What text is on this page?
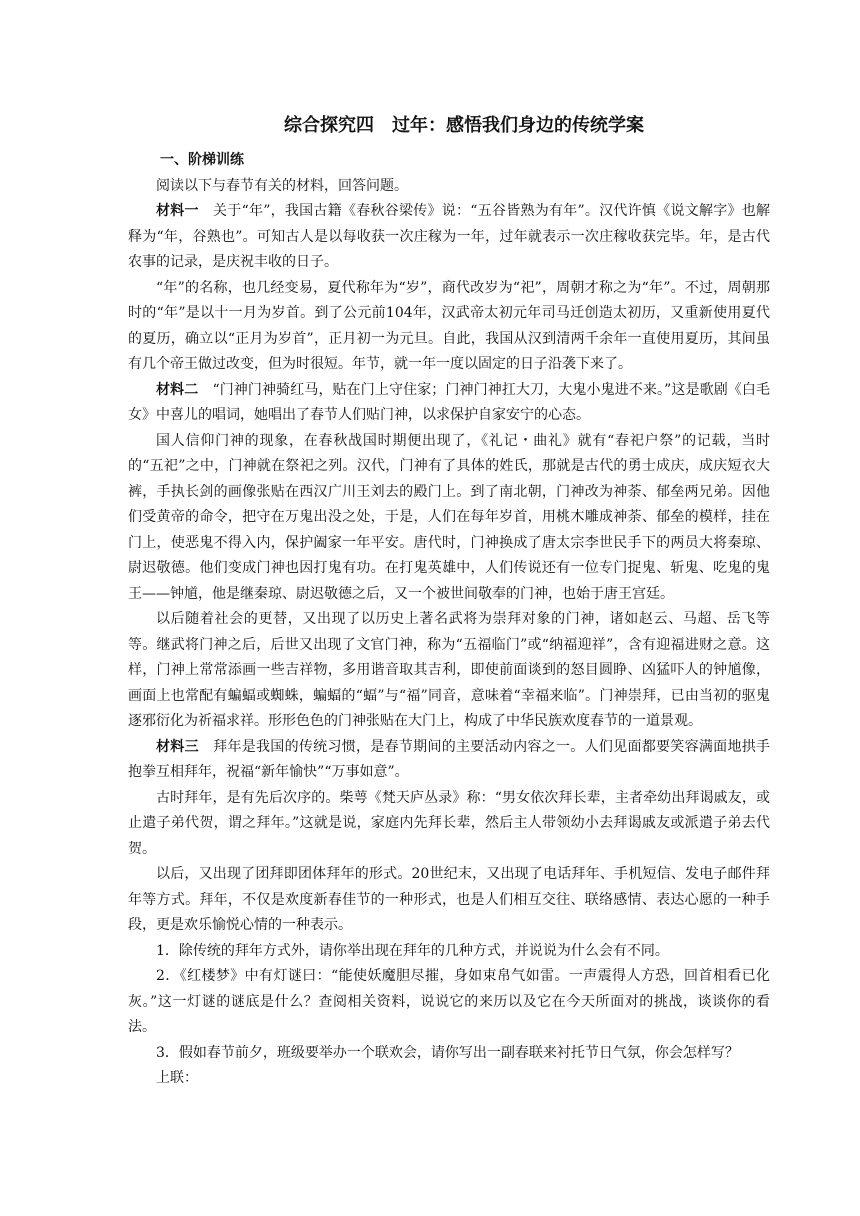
综合探究四　过年：感悟我们身边的传统学案

一、阶梯训练

阅读以下与春节有关的材料，回答问题。

材料一　 关于“年”，我国古籍《春秋谷梁传》说：“五谷皆熟为有年”。汉代许慎《说文解字》也解释为“年，谷熟也”。可知古人是以每收获一次庄稼为一年，过年就表示一次庄稼收获完毕。年，是古代农事的记录，是庆祝丰收的日子。

“年”的名称，也几经变易，夏代称年为“岁”，商代改岁为“祀”，周朝才称之为“年”。不过，周朝那时的“年”是以十一月为岁首。到了公元前104年，汉武帝太初元年司马迁创造太初历，又重新使用夏代的夏历，确立以“正月为岁首”，正月初一为元旦。自此，我国从汉到清两千余年一直使用夏历，其间虽有几个帝王做过改变，但为时很短。年节，就一年一度以固定的日子沿袭下来了。

材料二　 “门神门神骑红马，贴在门上守住家；门神门神扛大刀，大鬼小鬼进不来。”这是歌剧《白毛女》中喜儿的唱词，她唱出了春节人们贴门神，以求保护自家安宁的心态。

国人信仰门神的现象，在春秋战国时期便出现了，《礼记・曲礼》就有“春祀户祭”的记载，当时的“五祀”之中，门神就在祭祀之列。汉代，门神有了具体的姓氏，那就是古代的勇士成庆，成庆短衣大裤，手执长剑的画像张贴在西汉广川王刘去的殿门上。到了南北朝，门神改为神荼、郁垒两兄弟。因他们受黄帝的命令，把守在万鬼出没之处，于是，人们在每年岁首，用桃木雕成神荼、郁垒的模样，挂在门上，使恶鬼不得入内，保护阖家一年平安。唐代时，门神换成了唐太宗李世民手下的两员大将秦琼、尉迟敬德。他们变成门神也因打鬼有功。在打鬼英雄中，人们传说还有一位专门捉鬼、斩鬼、吃鬼的鬼王——钟馗，他是继秦琼、尉迟敬德之后，又一个被世间敬奉的门神，也始于唐王宫廷。

以后随着社会的更替，又出现了以历史上著名武将为崇拜对象的门神，诸如赵云、马超、岳飞等等。继武将门神之后，后世又出现了文官门神，称为“五福临门”或“纳福迎祥”，含有迎福进财之意。这样，门神上常常添画一些吉祥物，多用谐音取其吉利，即使前面谈到的怒目圆睁、凶猛吓人的钟馗像，画面上也常配有蝙蝠或蜘蛛，蝙蝠的“蝠”与“福”同音，意味着“幸福来临”。门神崇拜，已由当初的驱鬼逐邪衍化为祈福求祥。形形色色的门神张贴在大门上，构成了中华民族欢度春节的一道景观。

材料三　 拜年是我国的传统习惯，是春节期间的主要活动内容之一。人们见面都要笑容满面地拱手抱拳互相拜年，祝福“新年愉快”“万事如意”。

古时拜年，是有先后次序的。柴萼《梵天庐丛录》称：“男女依次拜长辈，主者牵幼出拜谒戚友，或止遣子弟代贺，谓之拜年。”这就是说，家庭内先拜长辈，然后主人带领幼小去拜谒戚友或派遣子弟去代贺。

以后，又出现了团拜即团体拜年的形式。20世纪末，又出现了电话拜年、手机短信、发电子邮件拜年等方式。拜年，不仅是欢度新春佳节的一种形式，也是人们相互交往、联络感情、表达心愿的一种手段，更是欢乐愉悦心情的一种表示。

1．除传统的拜年方式外，请你举出现在拜年的几种方式，并说说为什么会有不同。

2．《红楼梦》中有灯谜曰：“能使妖魔胆尽摧，身如束帛气如雷。一声震得人方恐，回首相看已化灰。”这一灯谜的谜底是什么？查阅相关资料，说说它的来历以及它在今天所面对的挑战，谈谈你的看法。

3．假如春节前夕，班级要举办一个联欢会，请你写出一副春联来衬托节日气氛，你会怎样写？

上联：
